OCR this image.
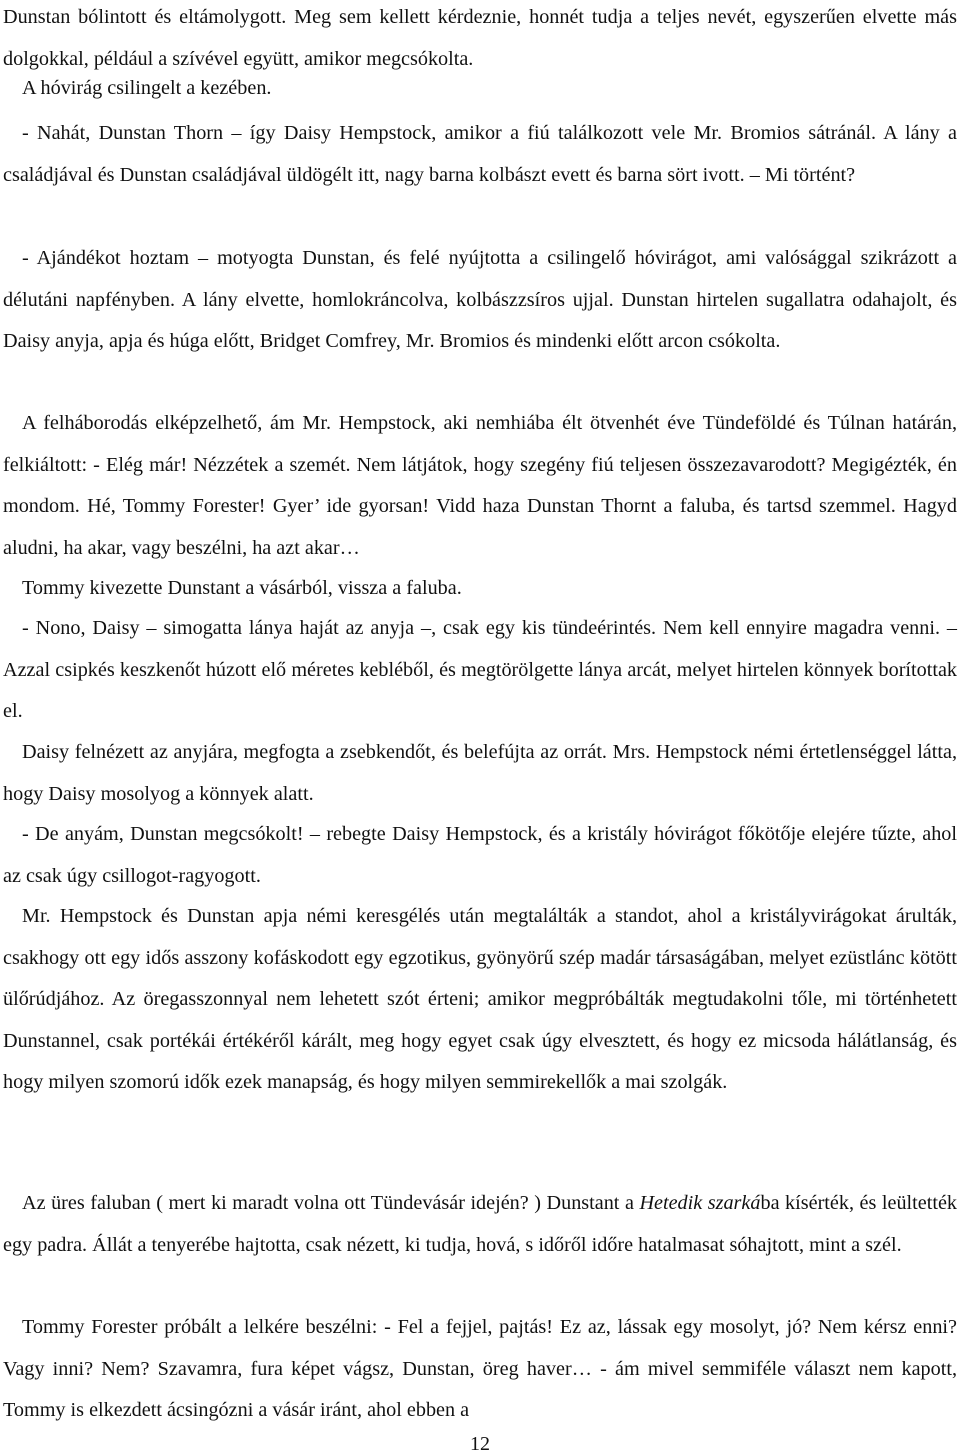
Dunstan bólintott és eltámolygott. Meg sem kellett kérdeznie, honnét tudja a teljes nevét, egyszerűen elvette más dolgokkal, például a szívével együtt, amikor megcsókolta.

A hóvirág csilingelt a kezében.

- Nahát, Dunstan Thorn – így Daisy Hempstock, amikor a fiú találkozott vele Mr. Bromios sátránál. A lány a családjával és Dunstan családjával üldögélt itt, nagy barna kolbászt evett és barna sört ivott. – Mi történt?

- Ajándékot hoztam – motyogta Dunstan, és felé nyújtotta a csilingelő hóvirágot, ami valósággal szikrázott a délutáni napfényben. A lány elvette, homlokráncolva, kolbászzsíros ujjal. Dunstan hirtelen sugallatra odahajolt, és Daisy anyja, apja és húga előtt, Bridget Comfrey, Mr. Bromios és mindenki előtt arcon csókolta.

A felháborodás elképzelhető, ám Mr. Hempstock, aki nemhiába élt ötvenhét éve Tündeföldé és Túlnan határán, felkiáltott: - Elég már! Nézzétek a szemét. Nem látjátok, hogy szegény fiú teljesen összezavarodott? Megigézték, én mondom. Hé, Tommy Forester! Gyer’ ide gyorsan! Vidd haza Dunstan Thornt a faluba, és tartsd szemmel. Hagyd aludni, ha akar, vagy beszélni, ha azt akar…

Tommy kivezette Dunstant a vásárból, vissza a faluba.

- Nono, Daisy – simogatta lánya haját az anyja –, csak egy kis tündeérintés. Nem kell ennyire magadra venni. – Azzal csipkés keszkenőt húzott elő méretes kebléből, és megtörölgette lánya arcát, melyet hirtelen könnyek borítottak el.

Daisy felnézett az anyjára, megfogta a zsebkendőt, és belefújta az orrát. Mrs. Hempstock némi értetlenséggel látta, hogy Daisy mosolyog a könnyek alatt.

- De anyám, Dunstan megcsókolt! – rebegte Daisy Hempstock, és a kristály hóvirágot főkötője elejére tűzte, ahol az csak úgy csillogot-ragyogott.

Mr. Hempstock és Dunstan apja némi keresgélés után megtalálták a standot, ahol a kristályvirágokat árulták, csakhogy ott egy idős asszony kofáskodott egy egzotikus, gyönyörű szép madár társaságában, melyet ezüstlánc kötött ülőrúdjához. Az öregasszonnyal nem lehetett szót érteni; amikor megpróbálták megtudakolni tőle, mi történhetett Dunstannel, csak portékái értékéről kárált, meg hogy egyet csak úgy elvesztett, és hogy ez micsoda hálátlanság, és hogy milyen szomorú idők ezek manapság, és hogy milyen semmirekellők a mai szolgák.

Az üres faluban ( mert ki maradt volna ott Tündevásár idején? ) Dunstant a Hetedik szarkába kísérték, és leültették egy padra. Állát a tenyerébe hajtotta, csak nézett, ki tudja, hová, s időről időre hatalmasat sóhajtott, mint a szél.

Tommy Forester próbált a lelkére beszélni: - Fel a fejjel, pajtás! Ez az, lássak egy mosolyt, jó? Nem kérsz enni? Vagy inni? Nem? Szavamra, fura képet vágsz, Dunstan, öreg haver… - ám mivel semmiféle választ nem kapott, Tommy is elkezdett ácsingózni a vásár iránt, ahol ebben a

12
